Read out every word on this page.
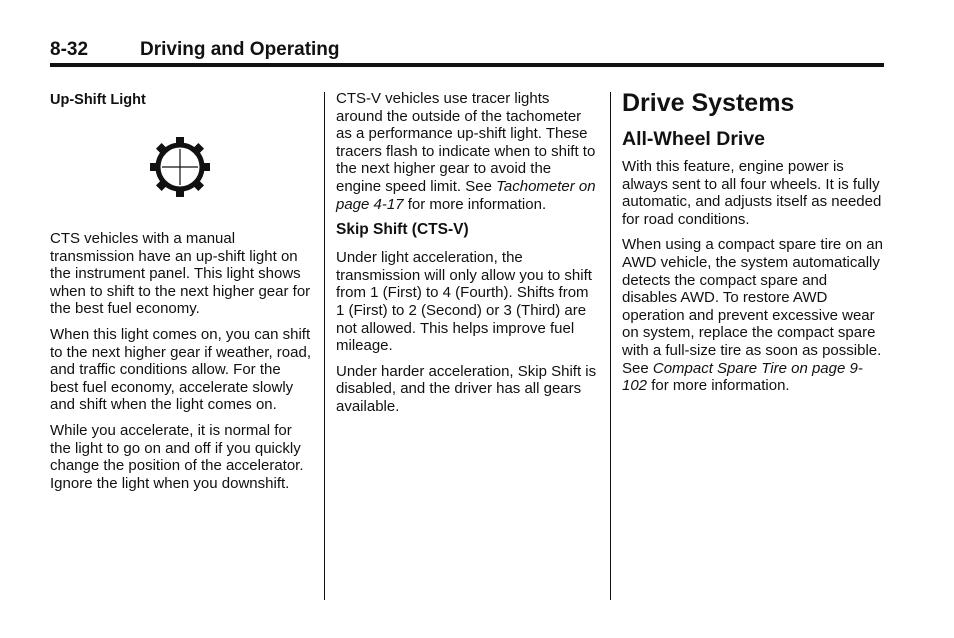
8-32	Driving and Operating
Up-Shift Light

CTS vehicles with a manual transmission have an up-shift light on the instrument panel. This light shows when to shift to the next higher gear for the best fuel economy.

When this light comes on, you can shift to the next higher gear if weather, road, and traffic conditions allow. For the best fuel economy, accelerate slowly and shift when the light comes on.

While you accelerate, it is normal for the light to go on and off if you quickly change the position of the accelerator. Ignore the light when you downshift.

CTS-V vehicles use tracer lights around the outside of the tachometer as a performance up-shift light. These tracers flash to indicate when to shift to the next higher gear to avoid the engine speed limit. See Tachometer on page 4-17 for more information.

Skip Shift (CTS-V)

Under light acceleration, the transmission will only allow you to shift from 1 (First) to 4 (Fourth). Shifts from 1 (First) to 2 (Second) or 3 (Third) are not allowed. This helps improve fuel mileage.

Under harder acceleration, Skip Shift is disabled, and the driver has all gears available.

Drive Systems
All-Wheel Drive

With this feature, engine power is always sent to all four wheels. It is fully automatic, and adjusts itself as needed for road conditions.

When using a compact spare tire on an AWD vehicle, the system automatically detects the compact spare and disables AWD. To restore AWD operation and prevent excessive wear on system, replace the compact spare with a full-size tire as soon as possible. See Compact Spare Tire on page 9-102 for more information.
